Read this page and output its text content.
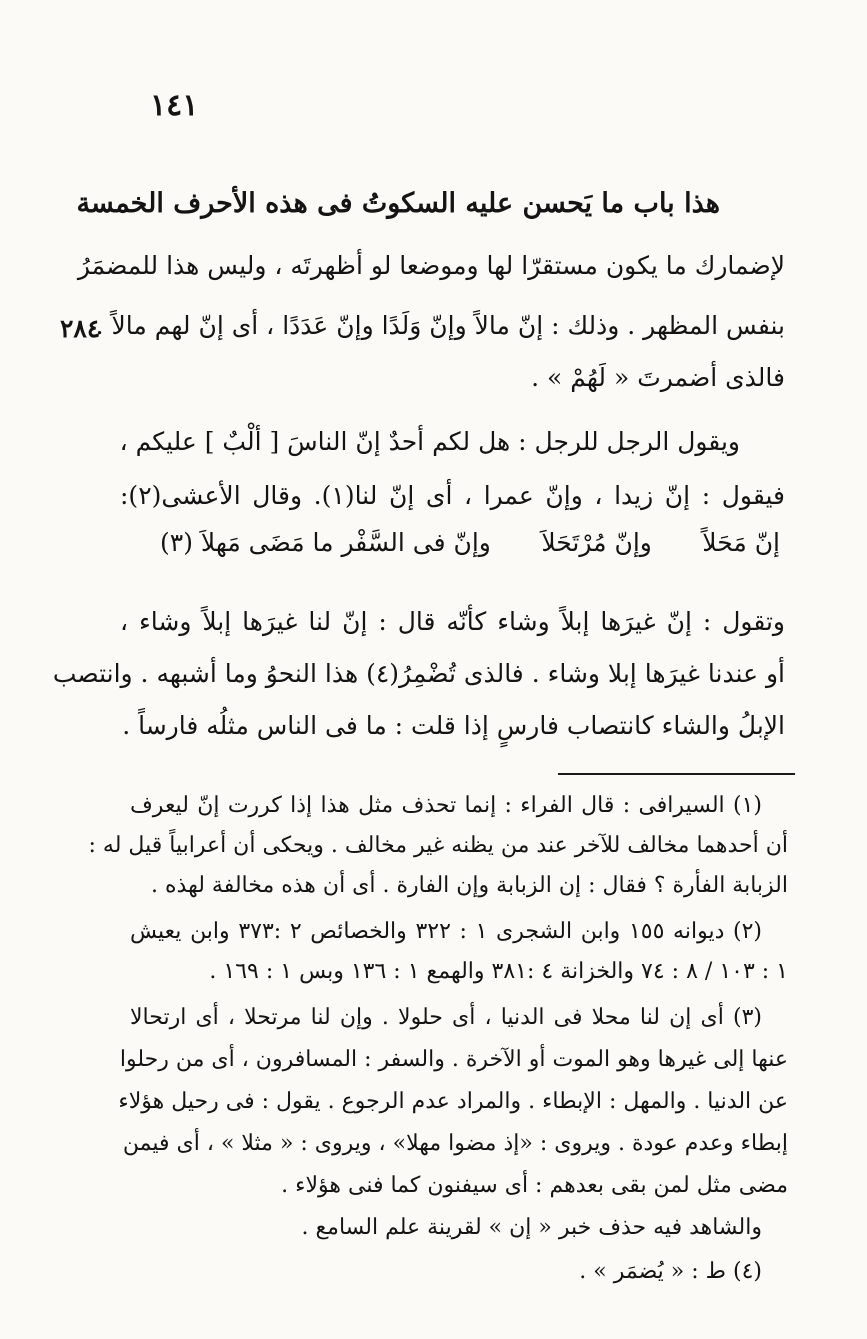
١٤١
هذا باب ما يَحسن عليه السكوتُ فى هذه الأحرف الخمسة
لإضمارك ما يكون مستقرّا لها وموضعا لو أظهرتَه ، وليس هذا للمضمَرُ
بنفس المظهر . وذلك : إنّ مالاً وإنّ وَلَدًا وإنّ عَدَدًا ، أى إنّ لهم مالاً .
فالذى أضمرتَ « لَهُمْ » .
٢٨٤
ويقول الرجل للرجل : هل لكم أحدٌ إنّ الناسَ [ ألْبٌ ] عليكم ،
فيقول : إنّ زيدا ، وإنّ عمرا ، أى إنّ لنا(١). وقال الأعشى(٢):
إنّ مَحَلاً
وإنّ مُرْتَحَلاَ
وإنّ فى السَّفْر ما مَضَى مَهلاَ (٣)
وتقول : إنّ غيرَها إبلاً وشاء كأنّه قال : إنّ لنا غيرَها إبلاً وشاء ،
أو عندنا غيرَها إبلا وشاء . فالذى تُضْمِرُ(٤) هذا النحوُ وما أشبهه . وانتصب
الإبلُ والشاء كانتصاب فارسٍ إذا قلت : ما فى الناس مثلُه فارساً .
(١) السيرافى : قال الفراء : إنما تحذف مثل هذا إذا كررت إنّ ليعرف
أن أحدهما مخالف للآخر عند من يظنه غير مخالف . ويحكى أن أعرابياً قيل له :
الزبابة الفأرة ؟ فقال : إن الزبابة وإن الفارة . أى أن هذه مخالفة لهذه .
(٢) ديوانه ١٥٥ وابن الشجرى ١ : ٣٢٢ والخصائص ٢ :٣٧٣ وابن يعيش
١ : ١٠٣ / ٨ : ٧٤ والخزانة ٤ :٣٨١ والهمع ١ : ١٣٦ وبس ١ : ١٦٩ .
(٣) أى إن لنا محلا فى الدنيا ، أى حلولا . وإن لنا مرتحلا ، أى ارتحالا
عنها إلى غيرها وهو الموت أو الآخرة . والسفر : المسافرون ، أى من رحلوا
عن الدنيا . والمهل : الإبطاء . والمراد عدم الرجوع . يقول : فى رحيل هؤلاء
إبطاء وعدم عودة . ويروى : «إذ مضوا مهلا» ، ويروى : « مثلا » ، أى فيمن
مضى مثل لمن بقى بعدهم : أى سيفنون كما فنى هؤلاء .
والشاهد فيه حذف خبر « إن » لقرينة علم السامع .
(٤) ط : « يُضمَر » .
